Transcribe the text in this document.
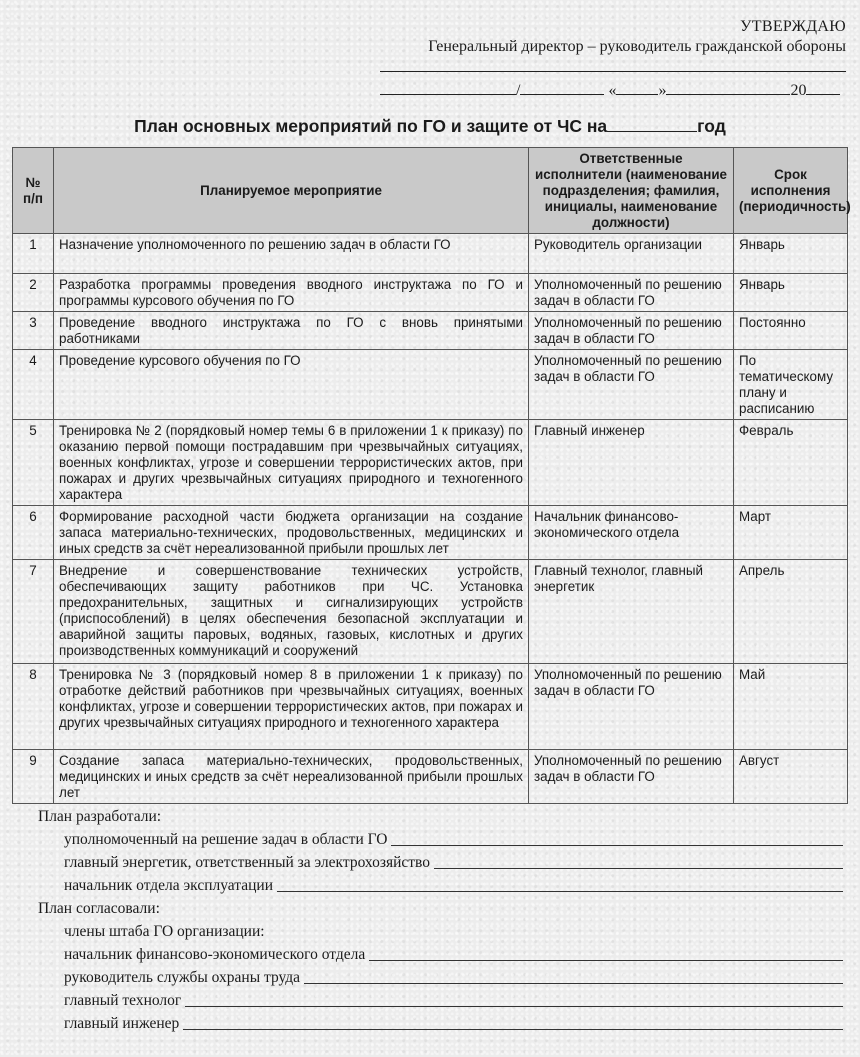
УТВЕРЖДАЮ
Генеральный директор – руководитель гражданской обороны
/	«	»	20
План основных мероприятий по ГО и защите от ЧС на	год
№ п/п	Планируемое мероприятие	Ответственные исполнители (наименование подразделения; фамилия, инициалы, наименование должности)	Срок исполнения (периодичность)
1	Назначение уполномоченного по решению задач в области ГО	Руководитель организации	Январь
2	Разработка программы проведения вводного инструктажа по ГО и программы курсового обучения по ГО	Уполномоченный по решению задач в области ГО	Январь
3	Проведение вводного инструктажа по ГО с вновь принятыми работниками	Уполномоченный по решению задач в области ГО	Постоянно
4	Проведение курсового обучения по ГО	Уполномоченный по решению задач в области ГО	По тематическому плану и расписанию
5	Тренировка № 2 (порядковый номер темы 6 в приложении 1 к приказу) по оказанию первой помощи пострадавшим при чрезвычайных ситуациях, военных конфликтах, угрозе и совершении террористических актов, при пожарах и других чрезвычайных ситуациях природного и техногенного характера	Главный инженер	Февраль
6	Формирование расходной части бюджета организации на создание запаса материально-технических, продовольственных, медицинских и иных средств за счёт нереализованной прибыли прошлых лет	Начальник финансово-экономического отдела	Март
7	Внедрение и совершенствование технических устройств, обеспечивающих защиту работников при ЧС. Установка предохранительных, защитных и сигнализирующих устройств (приспособлений) в целях обеспечения безопасной эксплуатации и аварийной защиты паровых, водяных, газовых, кислотных и других производственных коммуникаций и сооружений	Главный технолог, главный энергетик	Апрель
8	Тренировка № 3 (порядковый номер 8 в приложении 1 к приказу) по отработке действий работников при чрезвычайных ситуациях, военных конфликтах, угрозе и совершении террористических актов, при пожарах и других чрезвычайных ситуациях природного и техногенного характера	Уполномоченный по решению задач в области ГО	Май
9	Создание запаса материально-технических, продовольственных, медицинских и иных средств за счёт нереализованной прибыли прошлых лет	Уполномоченный по решению задач в области ГО	Август
План разработали:
уполномоченный на решение задач в области ГО
главный энергетик, ответственный за электрохозяйство
начальник отдела эксплуатации
План согласовали:
члены штаба ГО организации:
начальник финансово-экономического отдела
руководитель службы охраны труда
главный технолог
главный инженер
